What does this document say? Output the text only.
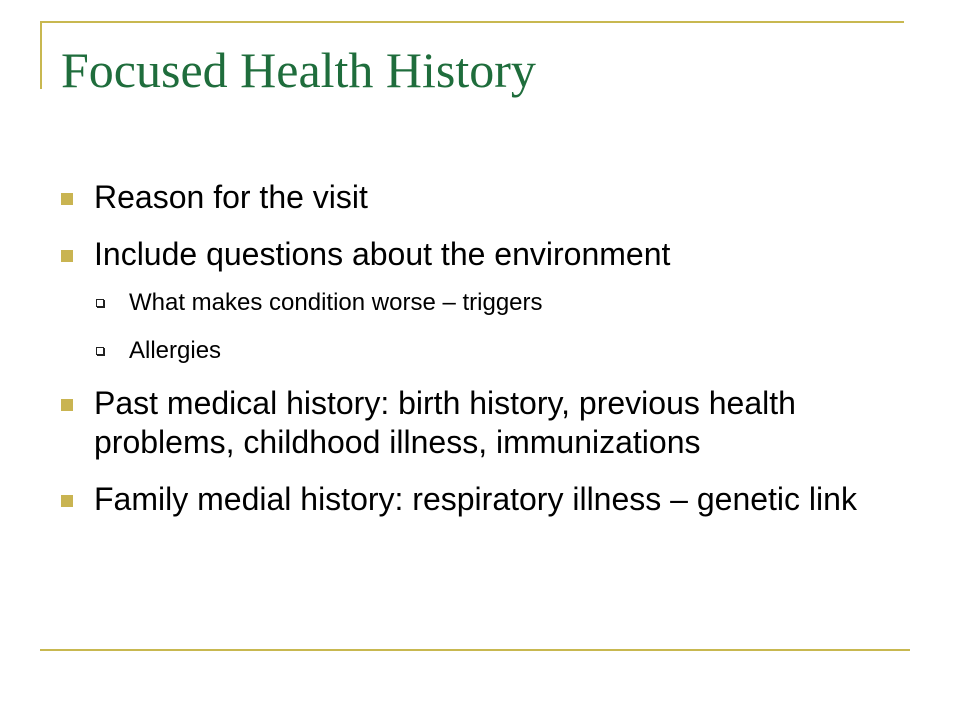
Focused Health History
Reason for the visit
Include questions about the environment
What makes condition worse – triggers
Allergies
Past medical history: birth history, previous health problems, childhood illness, immunizations
Family medial history: respiratory illness – genetic link
